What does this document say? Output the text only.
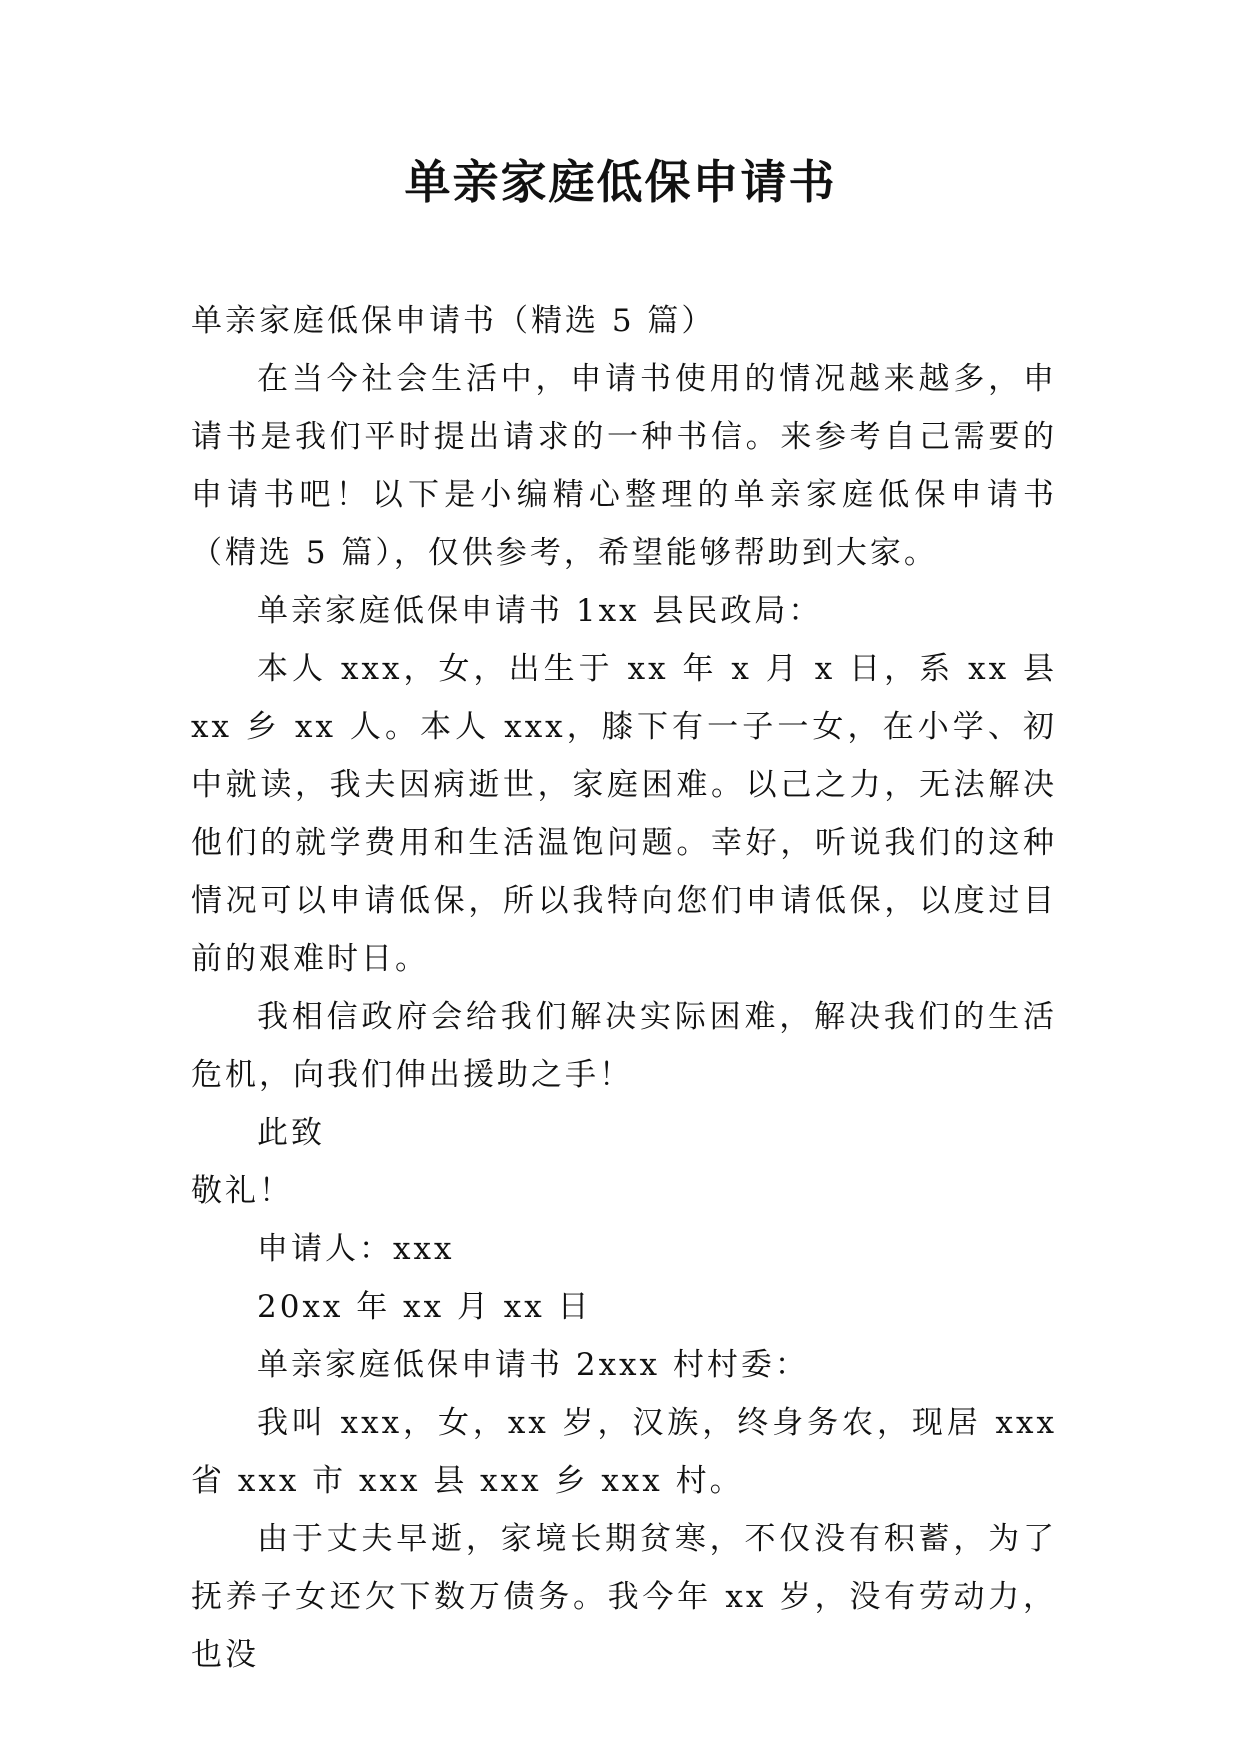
单亲家庭低保申请书

单亲家庭低保申请书（精选 5 篇）

在当今社会生活中，申请书使用的情况越来越多，申请书是我们平时提出请求的一种书信。来参考自己需要的申请书吧！以下是小编精心整理的单亲家庭低保申请书（精选 5 篇），仅供参考，希望能够帮助到大家。

单亲家庭低保申请书 1xx 县民政局：

本人 xxx，女，出生于 xx 年 x 月 x 日，系 xx 县 xx 乡 xx 人。本人 xxx，膝下有一子一女，在小学、初中就读，我夫因病逝世，家庭困难。以己之力，无法解决他们的就学费用和生活温饱问题。幸好，听说我们的这种情况可以申请低保，所以我特向您们申请低保，以度过目前的艰难时日。

我相信政府会给我们解决实际困难，解决我们的生活危机，向我们伸出援助之手！

此致

敬礼！

申请人：xxx

20xx 年 xx 月 xx 日

单亲家庭低保申请书 2xxx 村村委：

我叫 xxx，女，xx 岁，汉族，终身务农，现居 xxx 省 xxx 市 xxx 县 xxx 乡 xxx 村。

由于丈夫早逝，家境长期贫寒，不仅没有积蓄，为了抚养子女还欠下数万债务。我今年 xx 岁，没有劳动力，也没
